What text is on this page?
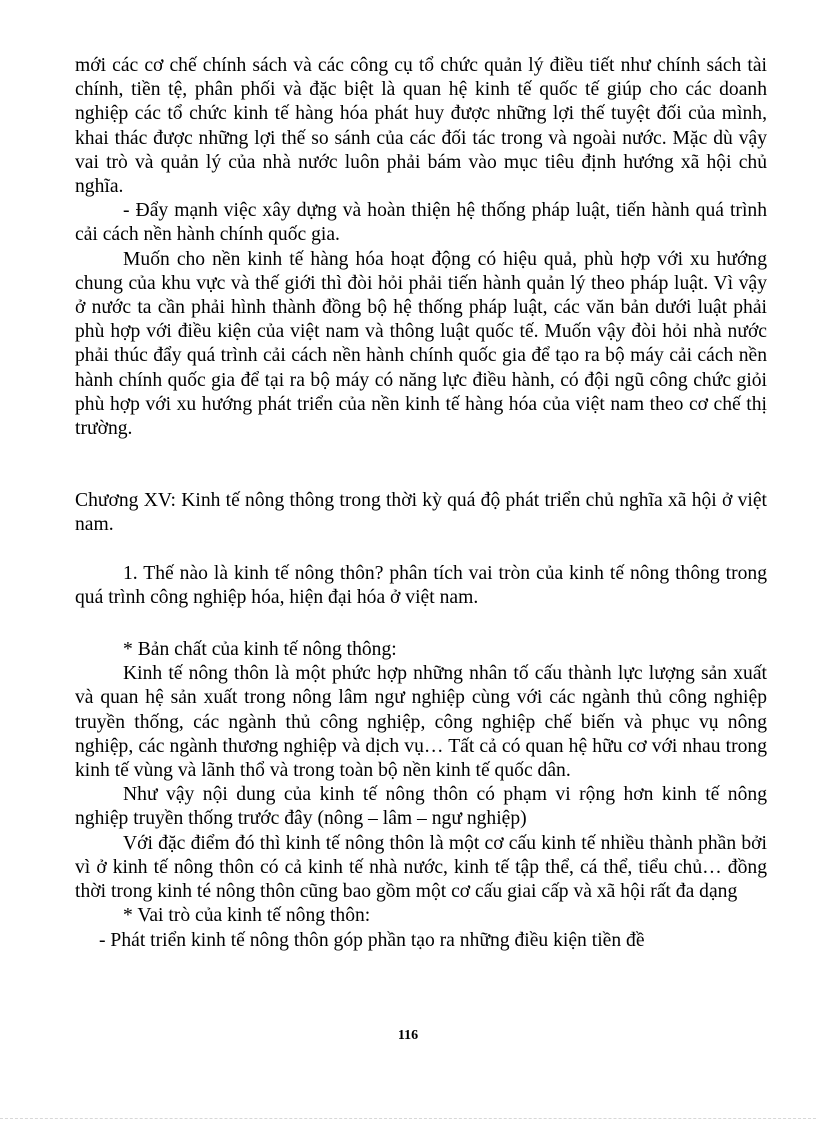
mới các cơ chế chính sách và các công cụ tổ chức quản lý điều tiết như chính sách tài chính, tiền tệ, phân phối và đặc biệt là quan hệ kinh tế quốc tế giúp cho các doanh nghiệp các tổ chức kinh tế hàng hóa phát huy được những lợi thế tuyệt đối của mình, khai thác được những lợi thế so sánh của các đối tác trong và ngoài nước. Mặc dù vậy vai trò và quản lý của nhà nước luôn phải bám vào mục tiêu định hướng xã hội chủ nghĩa.

- Đẩy mạnh việc xây dựng và hoàn thiện hệ thống pháp luật, tiến hành quá trình cải cách nền hành chính quốc gia.

Muốn cho nền kinh tế hàng hóa hoạt động có hiệu quả, phù hợp với xu hướng chung của khu vực và thế giới thì đòi hỏi phải tiến hành quản lý theo pháp luật. Vì vậy ở nước ta cần phải hình thành đồng bộ hệ thống pháp luật, các văn bản dưới luật phải phù hợp với điều kiện của việt nam và thông luật quốc tế. Muốn vậy đòi hỏi nhà nước phải thúc đẩy quá trình cải cách nền hành chính quốc gia để tạo ra bộ máy cải cách nền hành chính quốc gia để tại ra bộ máy có năng lực điều hành, có đội ngũ công chức giỏi phù hợp với xu hướng phát triển của nền kinh tế hàng hóa của việt nam theo cơ chế thị trường.

Chương XV: Kinh tế nông thông trong thời kỳ quá độ phát triển chủ nghĩa xã hội ở việt nam.

1. Thế nào là kinh tế nông thôn? phân tích vai tròn của kinh tế nông thông trong quá trình công nghiệp hóa, hiện đại hóa ở việt nam.

* Bản chất của kinh tế nông thông:

Kinh tế nông thôn là một phức hợp những nhân tố cấu thành lực lượng sản xuất và quan hệ sản xuất trong nông lâm ngư nghiệp cùng với các ngành thủ công nghiệp truyền thống, các ngành thủ công nghiệp, công nghiệp chế biến và phục vụ nông nghiệp, các ngành thương nghiệp và dịch vụ… Tất cả có quan hệ hữu cơ với nhau trong kinh tế vùng và lãnh thổ và trong toàn bộ nền kinh tế quốc dân.

Như vậy nội dung của kinh tế nông thôn có phạm vi rộng hơn kinh tế nông nghiệp truyền thống trước đây (nông – lâm – ngư nghiệp)

Với đặc điểm đó thì kinh tế nông thôn là một cơ cấu kinh tế nhiều thành phần bởi vì ở kinh tế nông thôn có cả kinh tế nhà nước, kinh tế tập thể, cá thể, tiểu chủ… đồng thời trong kinh té nông thôn cũng bao gồm một cơ cấu giai cấp và xã hội rất đa dạng

* Vai trò của kinh tế nông thôn:

- Phát triển kinh tế nông thôn góp phần tạo ra những điều kiện tiền đề

116
